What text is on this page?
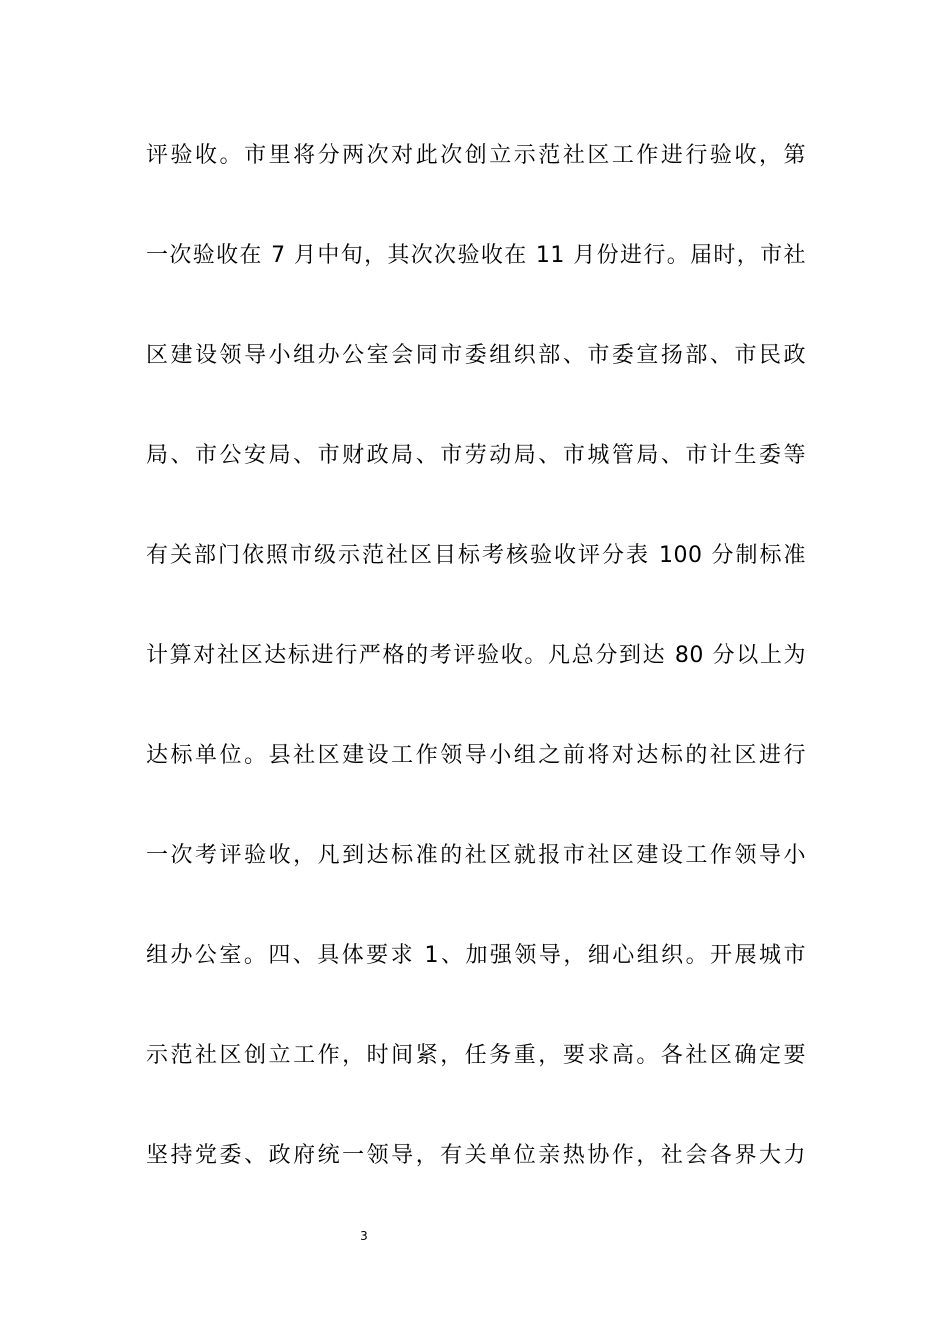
评验收。市里将分两次对此次创立示范社区工作进行验收，第
一次验收在 7 月中旬，其次次验收在 11 月份进行。届时，市社
区建设领导小组办公室会同市委组织部、市委宣扬部、市民政
局、市公安局、市财政局、市劳动局、市城管局、市计生委等
有关部门依照市级示范社区目标考核验收评分表 100 分制标准
计算对社区达标进行严格的考评验收。凡总分到达 80 分以上为
达标单位。县社区建设工作领导小组之前将对达标的社区进行
一次考评验收，凡到达标准的社区就报市社区建设工作领导小
组办公室。四、具体要求 1、加强领导，细心组织。开展城市
示范社区创立工作，时间紧，任务重，要求高。各社区确定要
坚持党委、政府统一领导，有关单位亲热协作，社会各界大力
3
